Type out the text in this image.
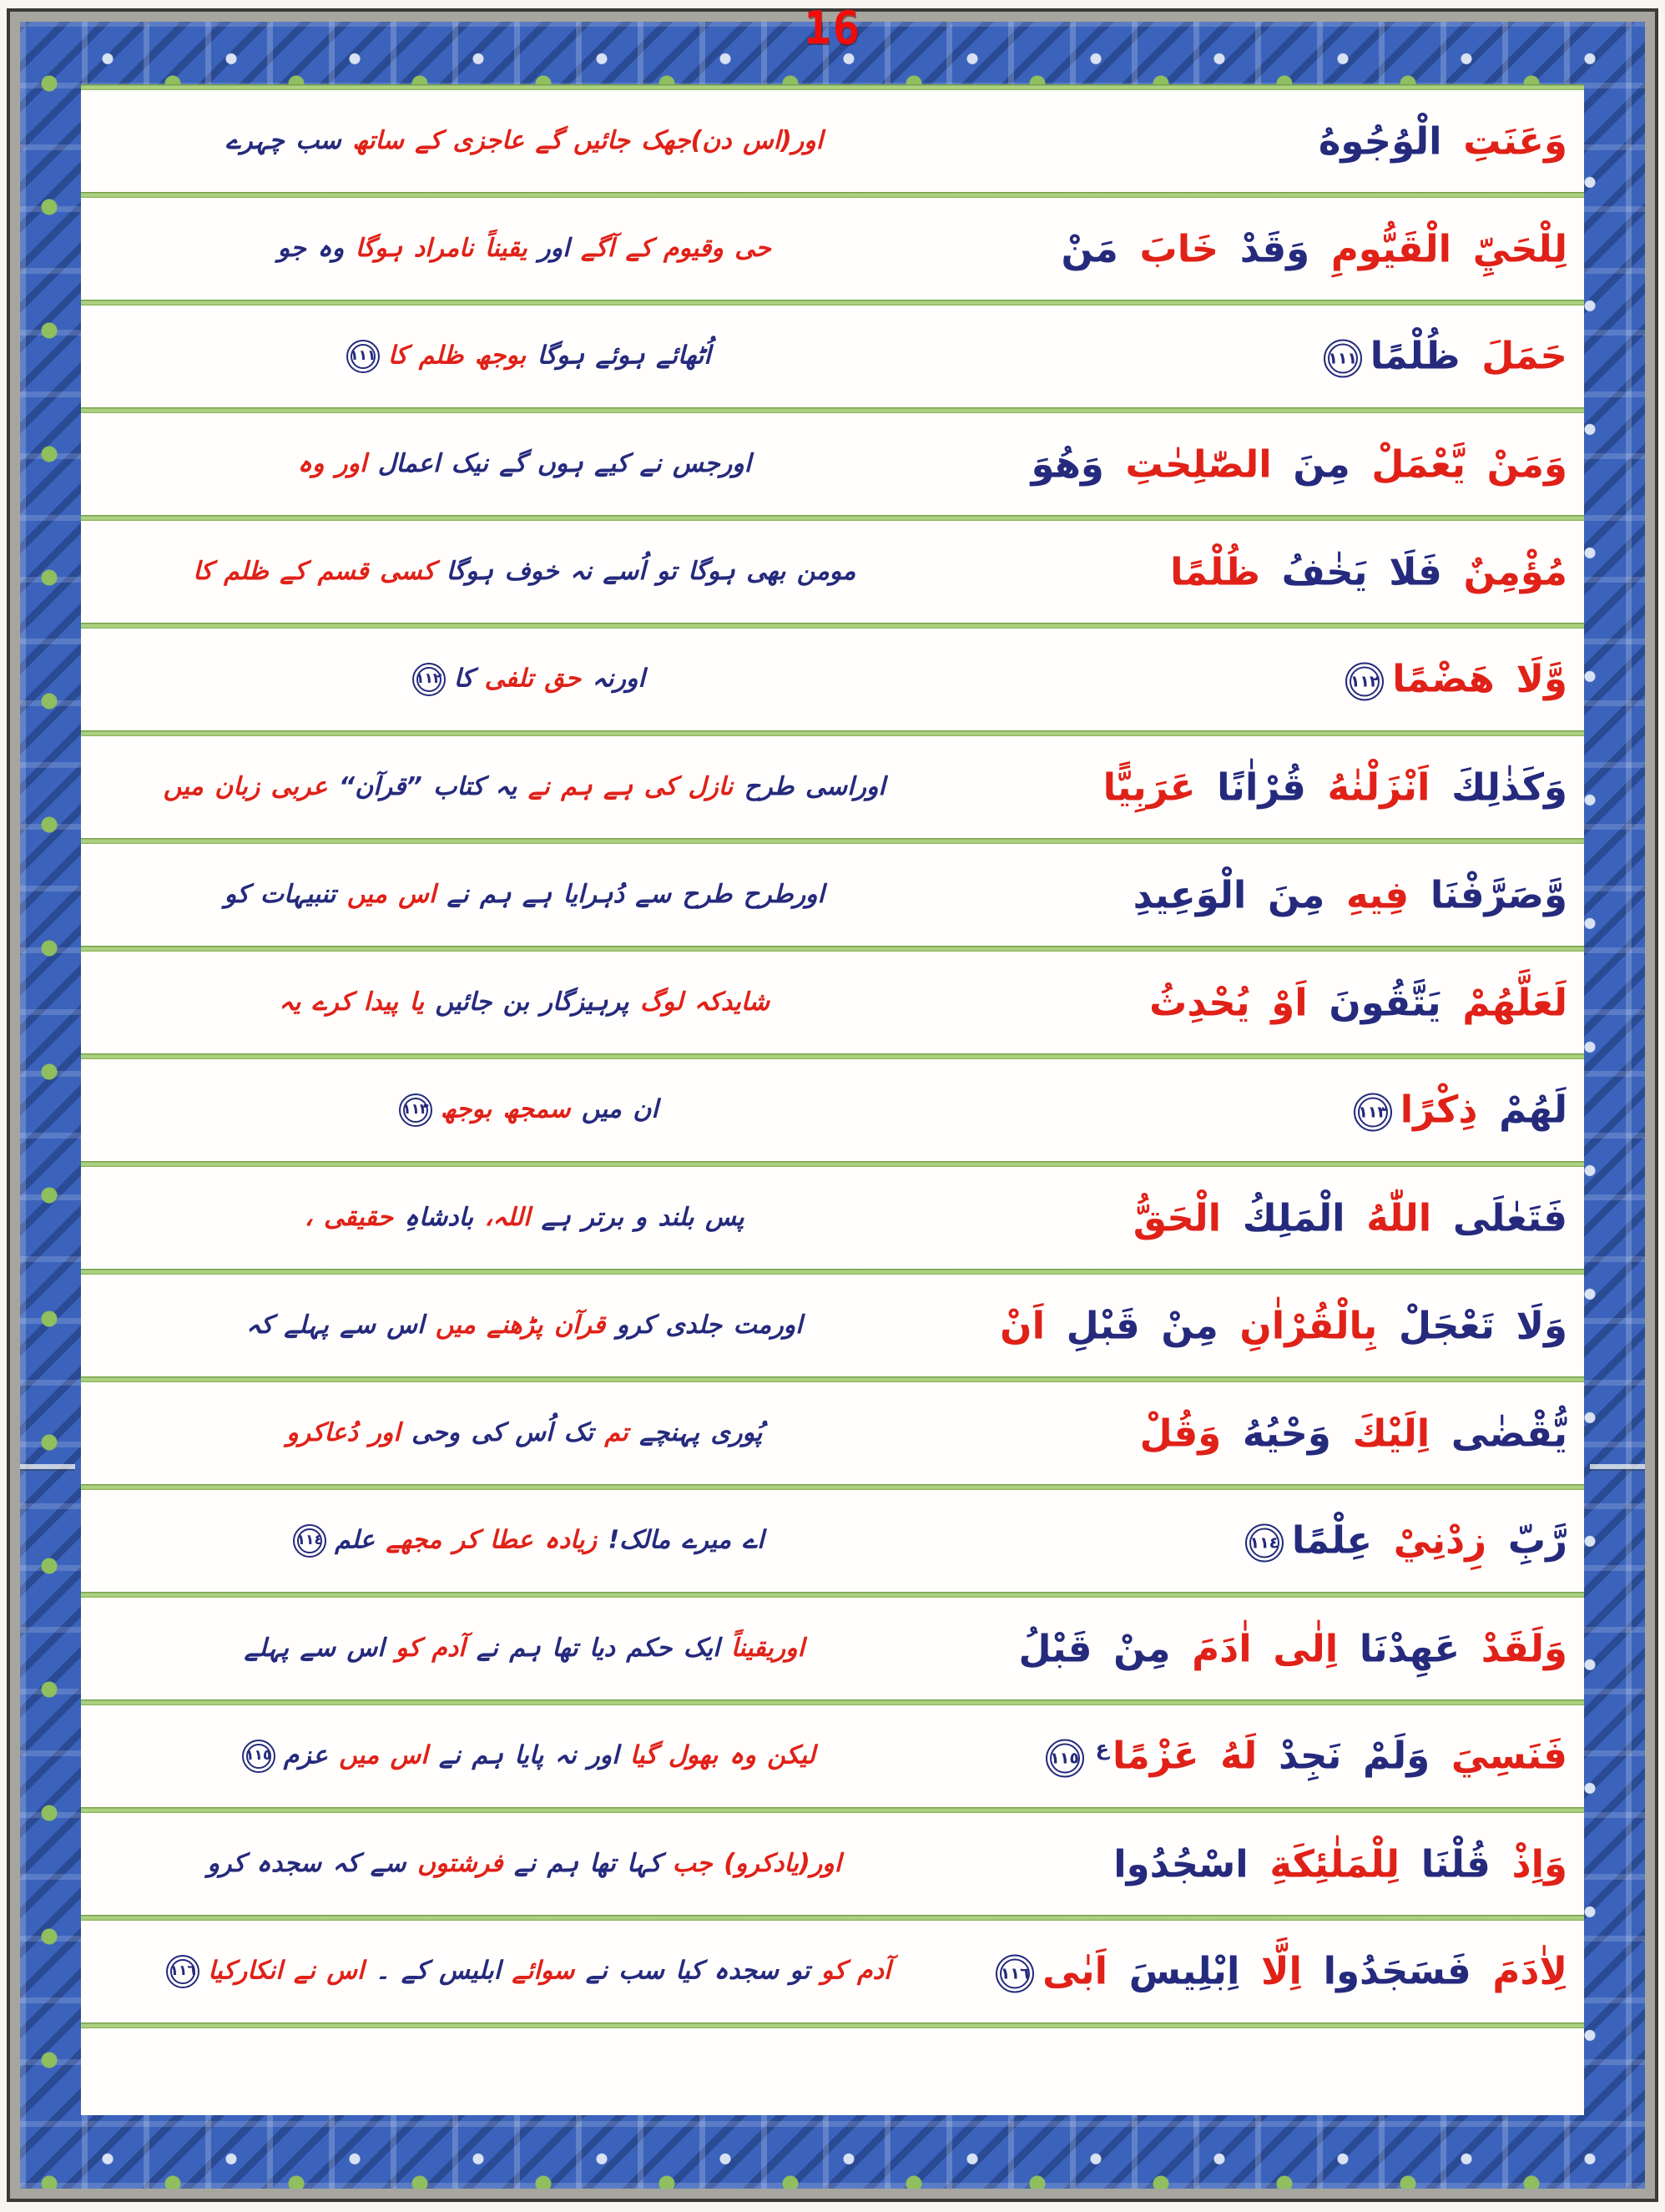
16
وَعَنَتِ الْوُجُوهُ
اور(اس دن)جھک جائیں گے عاجزی کے ساتھ سب چہرے
لِلْحَيِّ الْقَيُّومِ وَقَدْ خَابَ مَنْ
حی وقیوم کے آگے اور یقیناً نامراد ہوگا وہ جو
حَمَلَ ظُلْمًا١١١
اُٹھائے ہوئے ہوگا بوجھ ظلم کا١١١
وَمَنْ يَّعْمَلْ مِنَ الصّٰلِحٰتِ وَهُوَ
اورجس نے کیے ہوں گے نیک اعمال اور وہ
مُؤْمِنٌ فَلَا يَخٰفُ ظُلْمًا
مومن بھی ہوگا تو اُسے نہ خوف ہوگا کسی قسم کے ظلم کا
وَّلَا هَضْمًا١١٢
اورنہ حق تلفی کا١١٢
وَكَذٰلِكَ اَنْزَلْنٰهُ قُرْاٰنًا عَرَبِيًّا
اوراسی طرح نازل کی ہے ہم نے یہ کتاب ”قرآن“ عربی زبان میں
وَّصَرَّفْنَا فِيهِ مِنَ الْوَعِيدِ
اورطرح طرح سے دُہرایا ہے ہم نے اس میں تنبیہات کو
لَعَلَّهُمْ يَتَّقُونَ اَوْ يُحْدِثُ
شایدکہ لوگ پرہیزگار بن جائیں یا پیدا کرے یہ
لَهُمْ ذِكْرًا١١٣
ان میں سمجھ بوجھ١١٣
فَتَعٰلَى اللّٰهُ الْمَلِكُ الْحَقُّ
پس بلند و برتر ہے اللہ، بادشاہِ حقیقی ،
وَلَا تَعْجَلْ بِالْقُرْاٰنِ مِنْ قَبْلِ اَنْ
اورمت جلدی کرو قرآن پڑھنے میں اس سے پہلے کہ
يُّقْضٰى اِلَيْكَ وَحْيُهُ وَقُلْ
پُوری پہنچے تم تک اُس کی وحی اور دُعاکرو
رَّبِّ زِدْنِيْ عِلْمًا١١٤
اے میرے مالک! زیادہ عطا کر مجھے علم١١٤
وَلَقَدْ عَهِدْنَا اِلٰى اٰدَمَ مِنْ قَبْلُ
اوریقیناً ایک حکم دیا تھا ہم نے آدم کو اس سے پہلے
فَنَسِيَ وَلَمْ نَجِدْ لَهُ عَزْمًا$^ع$١١٥
لیکن وہ بھول گیا اور نہ پایا ہم نے اس میں عزم١١٥
وَاِذْ قُلْنَا لِلْمَلٰئِكَةِ اسْجُدُوا
اور(یادکرو) جب کہا تھا ہم نے فرشتوں سے کہ سجدہ کرو
لِاٰدَمَ فَسَجَدُوا اِلَّا اِبْلِيسَ اَبٰى١١٦
آدم کو تو سجدہ کیا سب نے سوائے ابلیس کے ۔ اس نے انکارکیا١١٦
